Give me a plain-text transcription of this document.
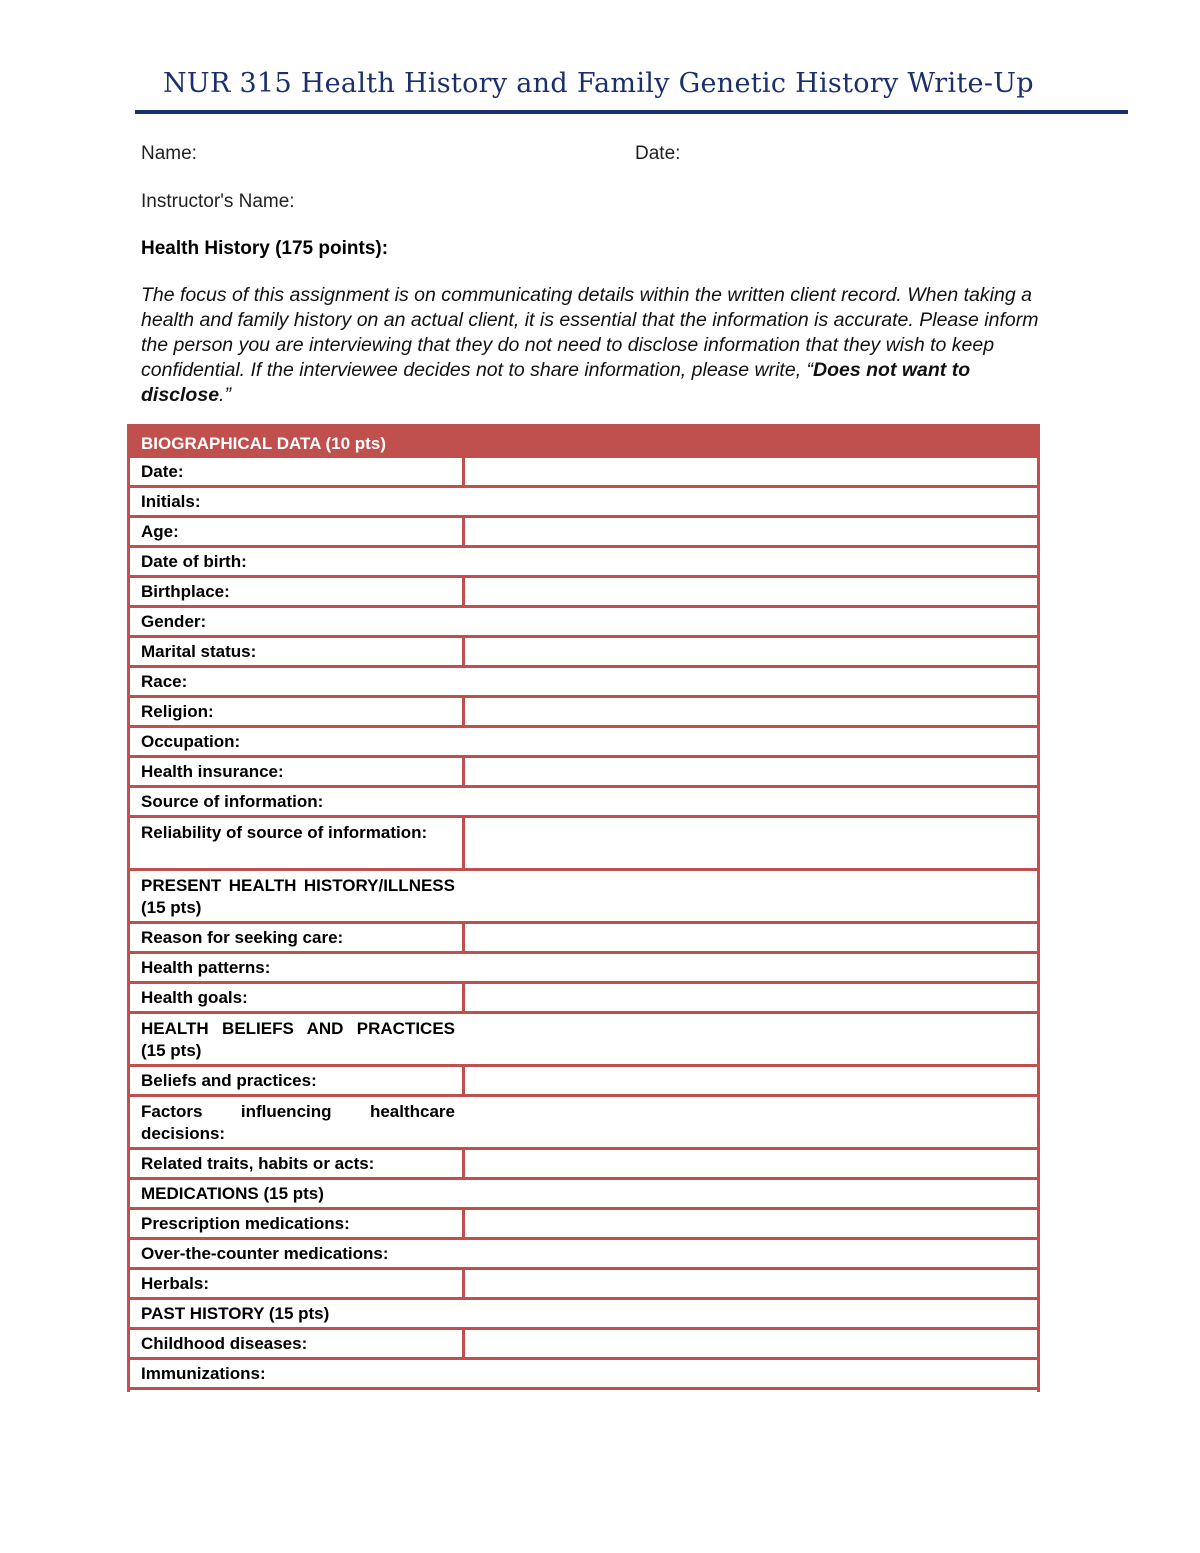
NUR 315 Health History and Family Genetic History Write-Up
Name:	Date:
Instructor's Name:
Health History (175 points):
The focus of this assignment is on communicating details within the written client record. When taking a health and family history on an actual client, it is essential that the information is accurate. Please inform the person you are interviewing that they do not need to disclose information that they wish to keep confidential. If the interviewee decides not to share information, please write, “Does not want to disclose.”
BIOGRAPHICAL DATA (10 pts)
Date:
Initials:
Age:
Date of birth:
Birthplace:
Gender:
Marital status:
Race:
Religion:
Occupation:
Health insurance:
Source of information:
Reliability of source of information:
PRESENT HEALTH HISTORY/ILLNESS (15 pts)
Reason for seeking care:
Health patterns:
Health goals:
HEALTH BELIEFS AND PRACTICES (15 pts)
Beliefs and practices:
Factors influencing healthcare decisions:
Related traits, habits or acts:
MEDICATIONS (15 pts)
Prescription medications:
Over-the-counter medications:
Herbals:
PAST HISTORY (15 pts)
Childhood diseases:
Immunizations:
